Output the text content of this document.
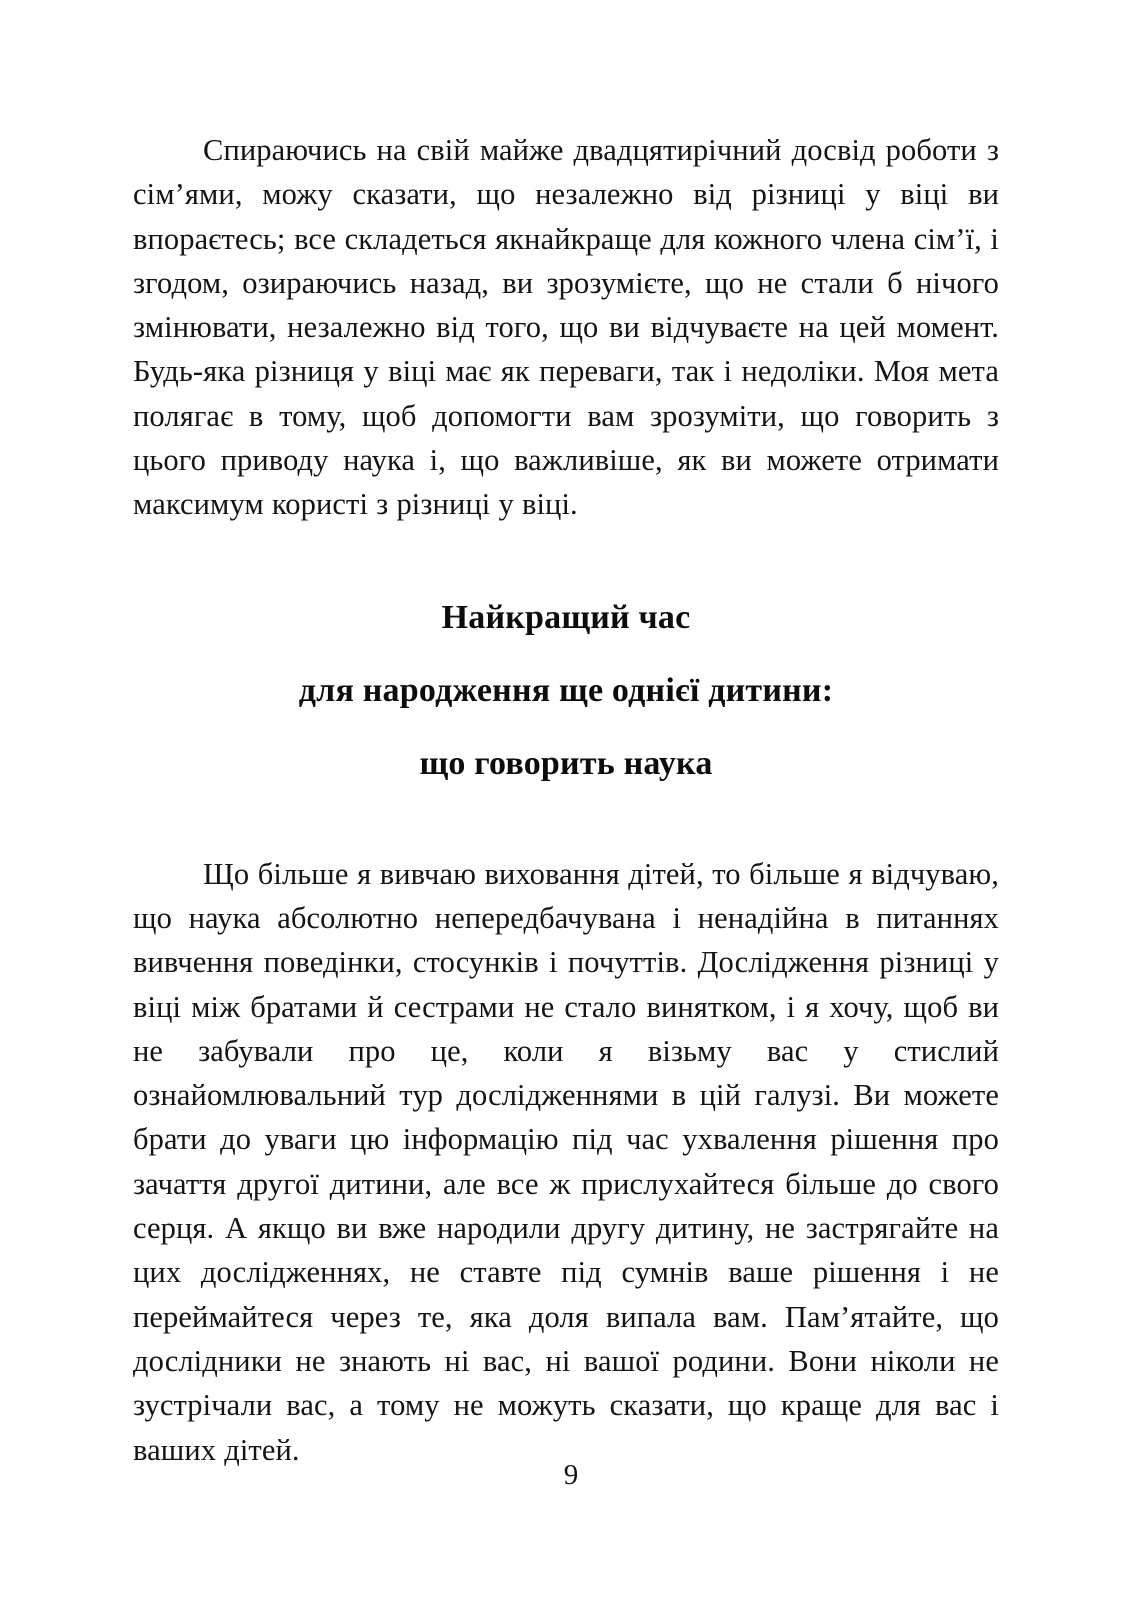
Спираючись на свій майже двадцятирічний досвід роботи з сім’ями, можу сказати, що незалежно від різниці у віці ви впораєтесь; все складеться якнайкраще для кожного члена сім’ї, і згодом, озираючись назад, ви зрозумієте, що не стали б нічого змінювати, незалежно від того, що ви відчуваєте на цей момент. Будь-яка різниця у віці має як переваги, так і недоліки. Моя мета полягає в тому, щоб допомогти вам зрозуміти, що говорить з цього приводу наука і, що важливіше, як ви можете отримати максимум користі з різниці у віці.

Найкращий час
для народження ще однієї дитини:
що говорить наука

Що більше я вивчаю виховання дітей, то більше я відчуваю, що наука абсолютно непередбачувана і ненадійна в питаннях вивчення поведінки, стосунків і почуттів. Дослідження різниці у віці між братами й сестрами не стало винятком, і я хочу, щоб ви не забували про це, коли я візьму вас у стислий ознайомлювальний тур дослідженнями в цій галузі. Ви можете брати до уваги цю інформацію під час ухвалення рішення про зачаття другої дитини, але все ж прислухайтеся більше до свого серця. А якщо ви вже народили другу дитину, не застрягайте на цих дослідженнях, не ставте під сумнів ваше рішення і не переймайтеся через те, яка доля випала вам. Пам’ятайте, що дослідники не знають ні вас, ні вашої родини. Вони ніколи не зустрічали вас, а тому не можуть сказати, що краще для вас і ваших дітей.

9
